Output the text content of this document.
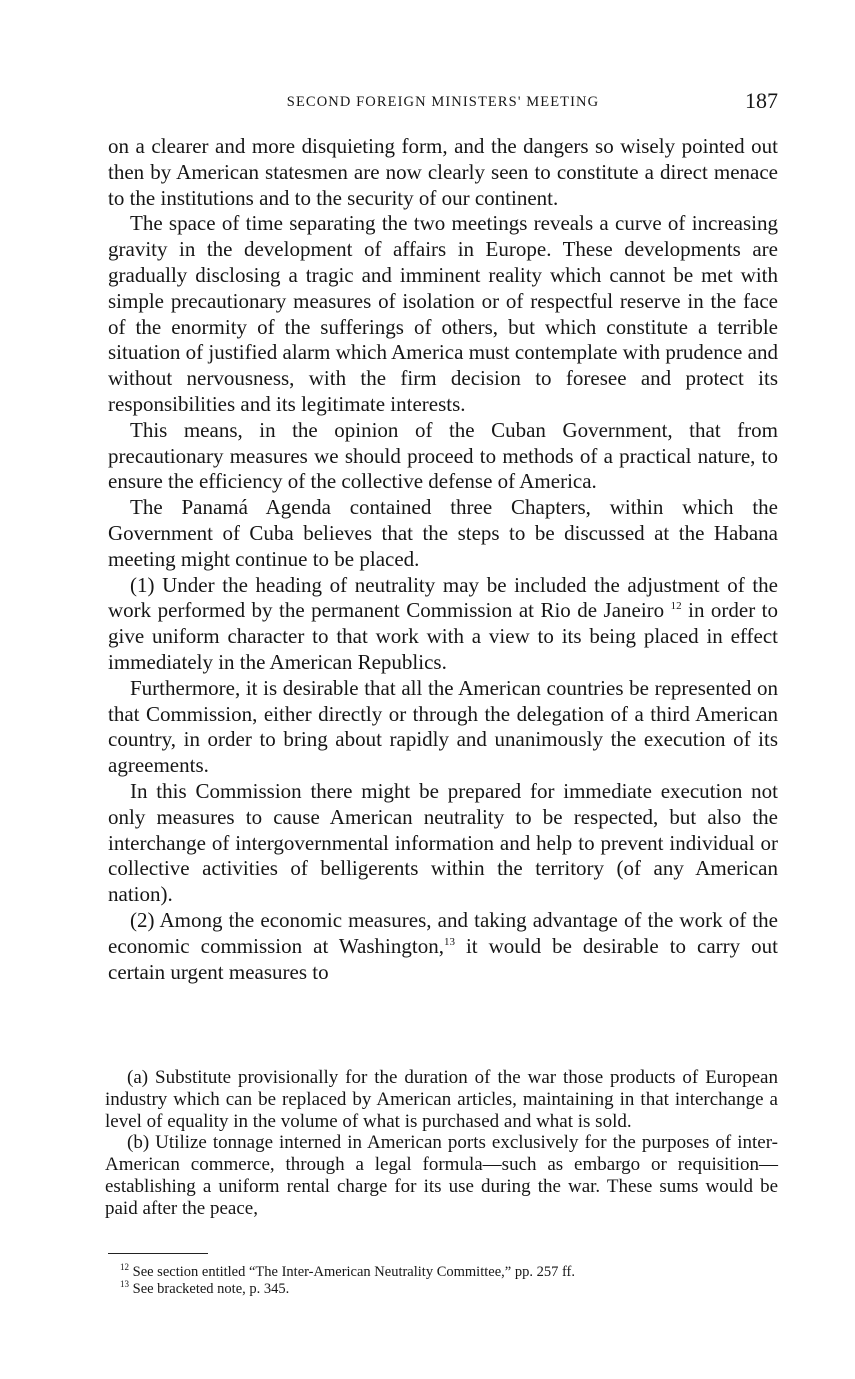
SECOND FOREIGN MINISTERS' MEETING	187

on a clearer and more disquieting form, and the dangers so wisely pointed out then by American statesmen are now clearly seen to constitute a direct menace to the institutions and to the security of our continent.

The space of time separating the two meetings reveals a curve of increasing gravity in the development of affairs in Europe. These developments are gradually disclosing a tragic and imminent reality which cannot be met with simple precautionary measures of isolation or of respectful reserve in the face of the enormity of the sufferings of others, but which constitute a terrible situation of justified alarm which America must contemplate with prudence and without nervousness, with the firm decision to foresee and protect its responsibilities and its legitimate interests.

This means, in the opinion of the Cuban Government, that from precautionary measures we should proceed to methods of a practical nature, to ensure the efficiency of the collective defense of America.

The Panamá Agenda contained three Chapters, within which the Government of Cuba believes that the steps to be discussed at the Habana meeting might continue to be placed.

(1) Under the heading of neutrality may be included the adjustment of the work performed by the permanent Commission at Rio de Janeiro $^{12}$ in order to give uniform character to that work with a view to its being placed in effect immediately in the American Republics.

Furthermore, it is desirable that all the American countries be represented on that Commission, either directly or through the delegation of a third American country, in order to bring about rapidly and unanimously the execution of its agreements.

In this Commission there might be prepared for immediate execution not only measures to cause American neutrality to be respected, but also the interchange of intergovernmental information and help to prevent individual or collective activities of belligerents within the territory (of any American nation).

(2) Among the economic measures, and taking advantage of the work of the economic commission at Washington,$^{13}$ it would be desirable to carry out certain urgent measures to

(a) Substitute provisionally for the duration of the war those products of European industry which can be replaced by American articles, maintaining in that interchange a level of equality in the volume of what is purchased and what is sold.

(b) Utilize tonnage interned in American ports exclusively for the purposes of inter-American commerce, through a legal formula—such as embargo or requisition—establishing a uniform rental charge for its use during the war. These sums would be paid after the peace,

$^{12}$ See section entitled “The Inter-American Neutrality Committee,” pp. 257 ff.

$^{13}$ See bracketed note, p. 345.
